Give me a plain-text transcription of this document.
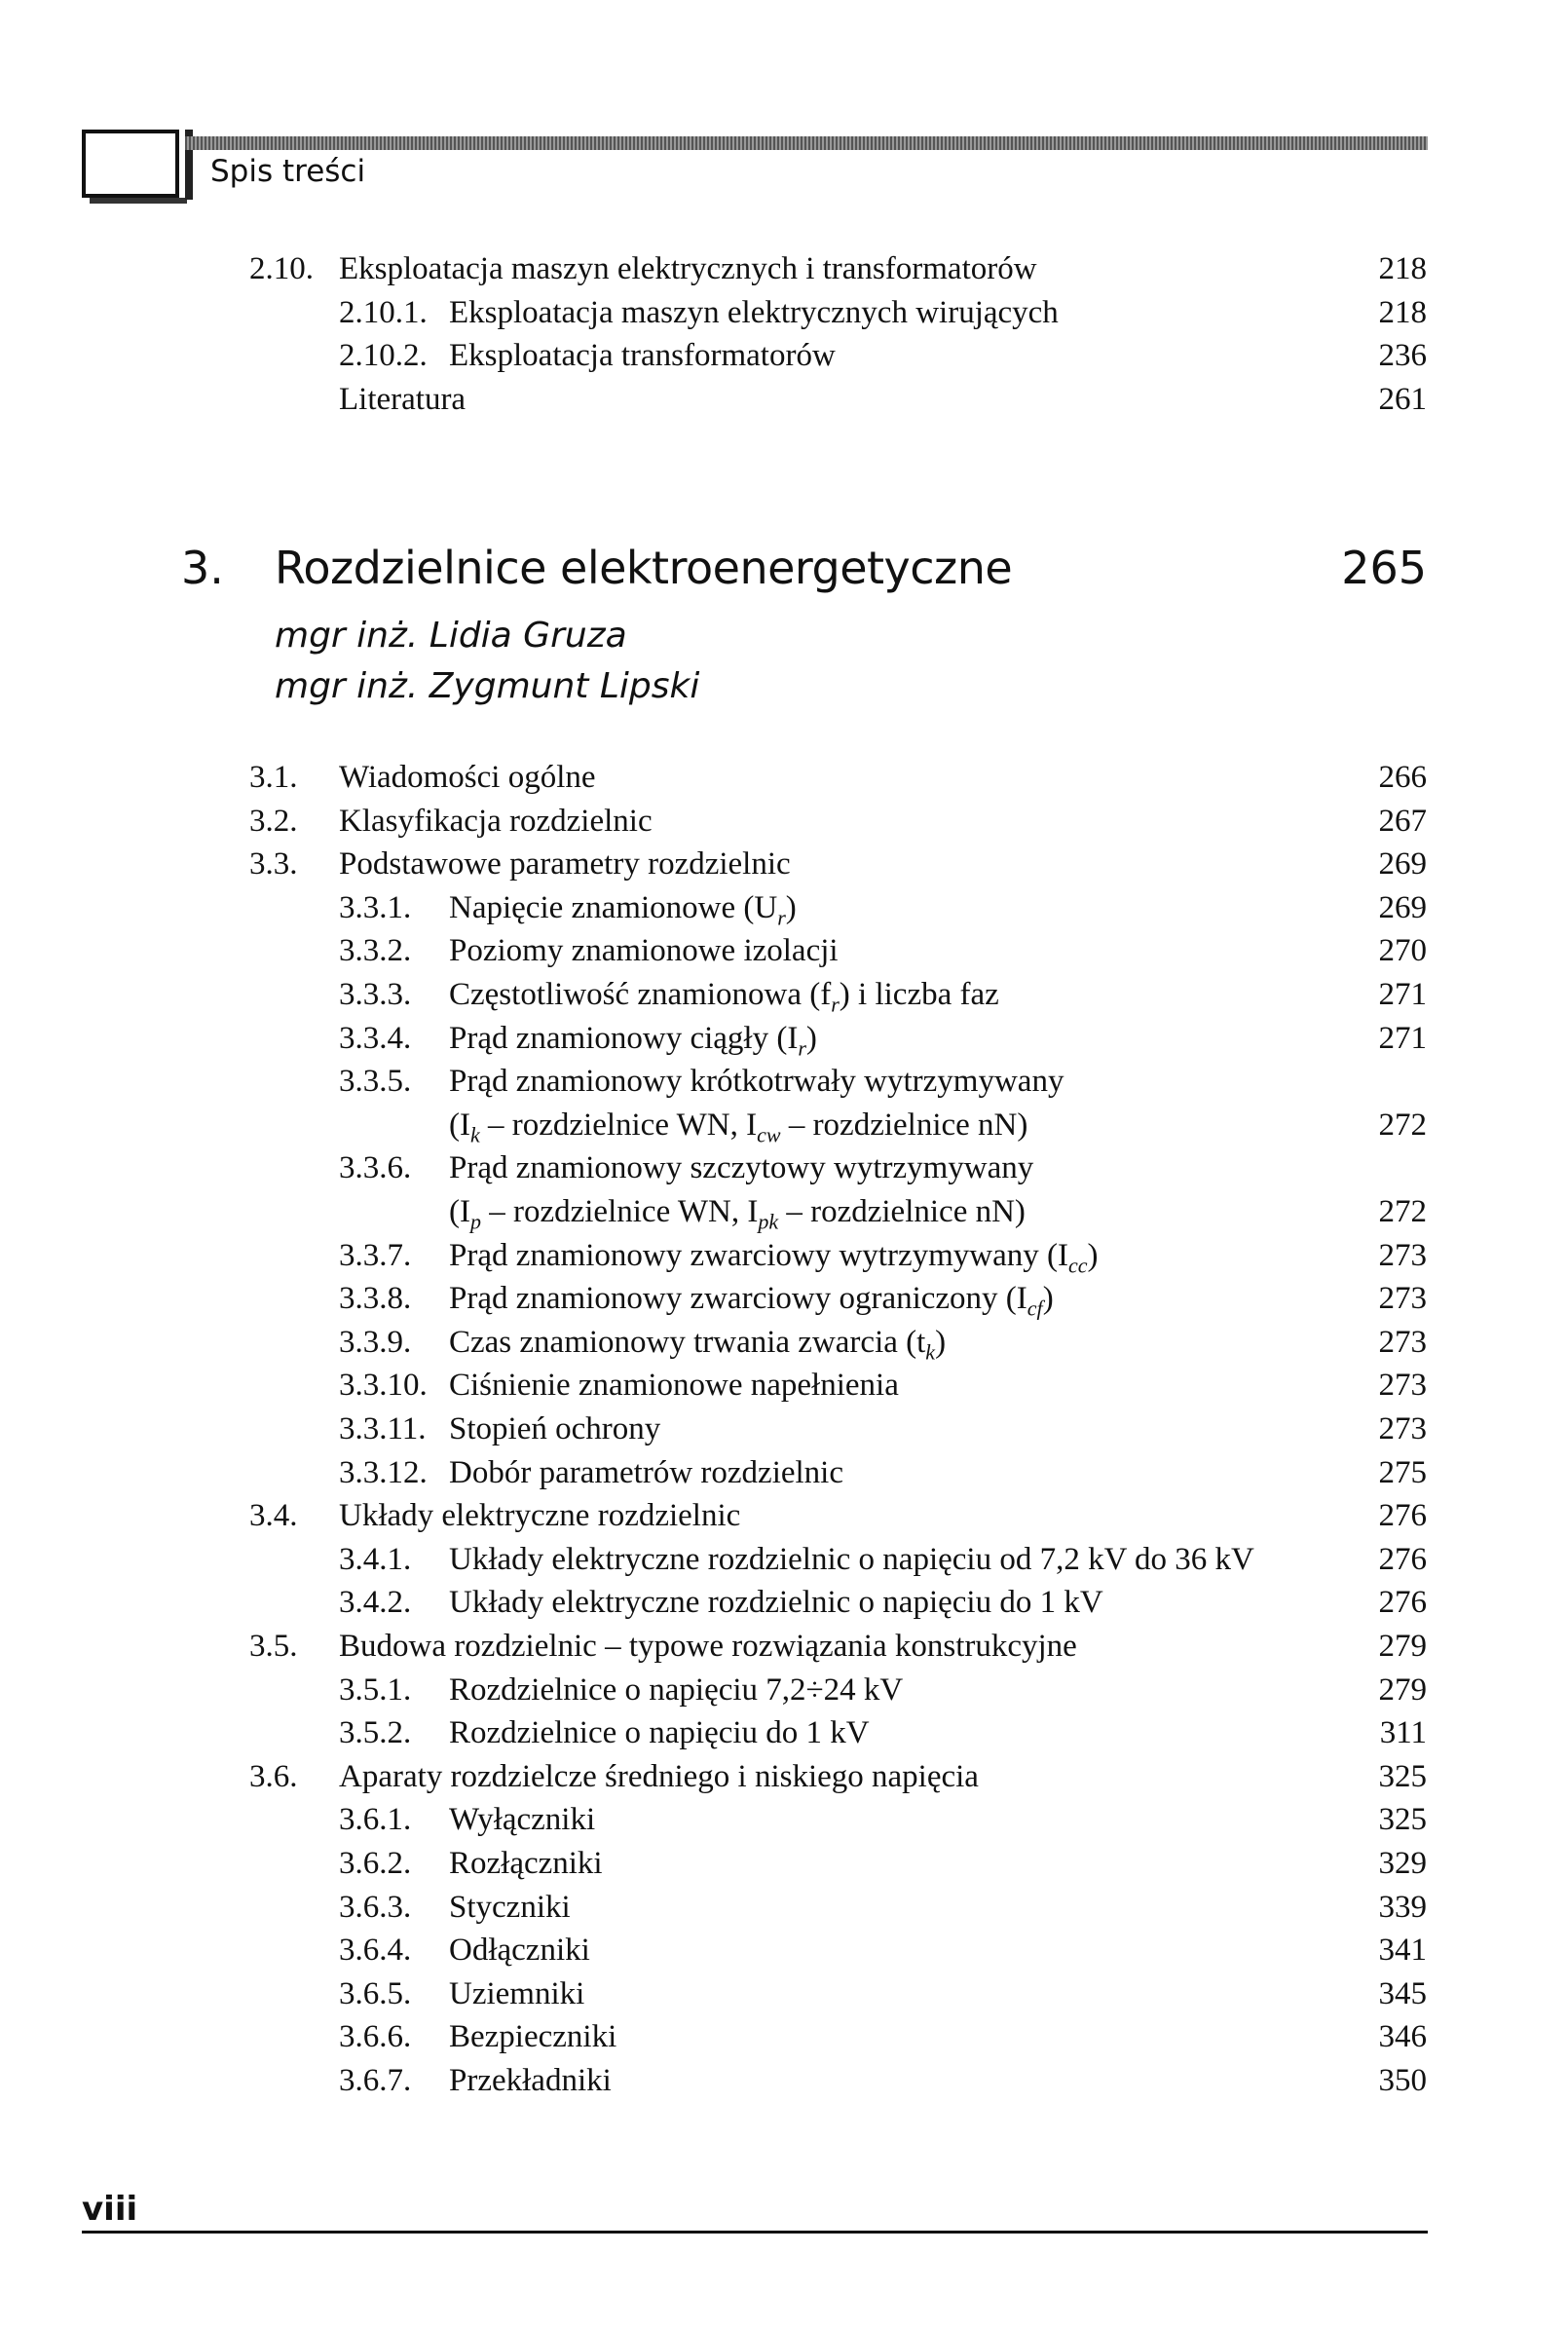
Spis treści
2.10. Eksploatacja maszyn elektrycznych i transformatorów	218
2.10.1. Eksploatacja maszyn elektrycznych wirujących	218
2.10.2. Eksploatacja transformatorów	236
Literatura	261
3. Rozdzielnice elektroenergetyczne	265
mgr inż. Lidia Gruza
mgr inż. Zygmunt Lipski
3.1. Wiadomości ogólne	266
3.2. Klasyfikacja rozdzielnic	267
3.3. Podstawowe parametry rozdzielnic	269
3.3.1. Napięcie znamionowe $(U_r)$	269
3.3.2. Poziomy znamionowe izolacji	270
3.3.3. Częstotliwość znamionowa $(f_r)$ i liczba faz	271
3.3.4. Prąd znamionowy ciągły $(I_r)$	271
3.3.5. Prąd znamionowy krótkotrwały wytrzymywany
($I_k$ – rozdzielnice WN, $I_{cw}$ – rozdzielnice nN)	272
3.3.6. Prąd znamionowy szczytowy wytrzymywany
($I_p$ – rozdzielnice WN, $I_{pk}$ – rozdzielnice nN)	272
3.3.7. Prąd znamionowy zwarciowy wytrzymywany $(I_{cc})$	273
3.3.8. Prąd znamionowy zwarciowy ograniczony $(I_{cf})$	273
3.3.9. Czas znamionowy trwania zwarcia $(t_k)$	273
3.3.10. Ciśnienie znamionowe napełnienia	273
3.3.11. Stopień ochrony	273
3.3.12. Dobór parametrów rozdzielnic	275
3.4. Układy elektryczne rozdzielnic	276
3.4.1. Układy elektryczne rozdzielnic o napięciu od 7,2 kV do 36 kV	276
3.4.2. Układy elektryczne rozdzielnic o napięciu do 1 kV	276
3.5. Budowa rozdzielnic – typowe rozwiązania konstrukcyjne	279
3.5.1. Rozdzielnice o napięciu 7,2÷24 kV	279
3.5.2. Rozdzielnice o napięciu do 1 kV	311
3.6. Aparaty rozdzielcze średniego i niskiego napięcia	325
3.6.1. Wyłączniki	325
3.6.2. Rozłączniki	329
3.6.3. Styczniki	339
3.6.4. Odłączniki	341
3.6.5. Uziemniki	345
3.6.6. Bezpieczniki	346
3.6.7. Przekładniki	350
viii
